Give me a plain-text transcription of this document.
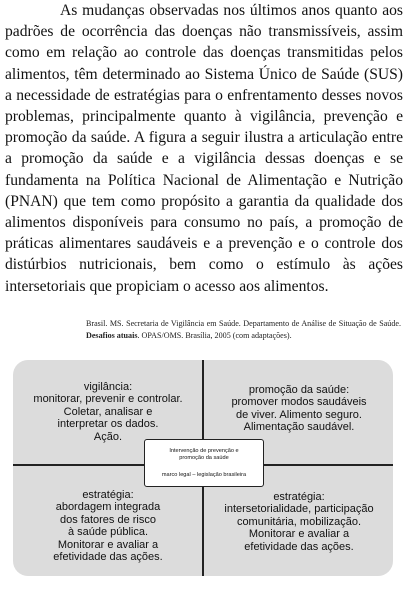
As mudanças observadas nos últimos anos quanto aos padrões de ocorrência das doenças não transmissíveis, assim como em relação ao controle das doenças transmitidas pelos alimentos, têm determinado ao Sistema Único de Saúde (SUS) a necessidade de estratégias para o enfrentamento desses novos problemas, principalmente quanto à vigilância, prevenção e promoção da saúde. A figura a seguir ilustra a articulação entre a promoção da saúde e a vigilância dessas doenças e se fundamenta na Política Nacional de Alimentação e Nutrição (PNAN) que tem como propósito a garantia da qualidade dos alimentos disponíveis para consumo no país, a promoção de práticas alimentares saudáveis e a prevenção e o controle dos distúrbios nutricionais, bem como o estímulo às ações intersetoriais que propiciam o acesso aos alimentos.

Brasil. MS. Secretaria de Vigilância em Saúde. Departamento de Análise de Situação de Saúde. Desafios atuais. OPAS/OMS. Brasília, 2005 (com adaptações).

vigilância:
monitorar, prevenir e controlar.
Coletar, analisar e
interpretar os dados.
Ação.

promoção da saúde:
promover modos saudáveis
de viver. Alimento seguro.
Alimentação saudável.

estratégia:
abordagem integrada
dos fatores de risco
à saúde pública.
Monitorar e avaliar a
efetividade das ações.

estratégia:
intersetorialidade, participação
comunitária, mobilização.
Monitorar e avaliar a
efetividade das ações.

Intervenção de prevenção e
promoção da saúde
marco legal – legislação brasileira
